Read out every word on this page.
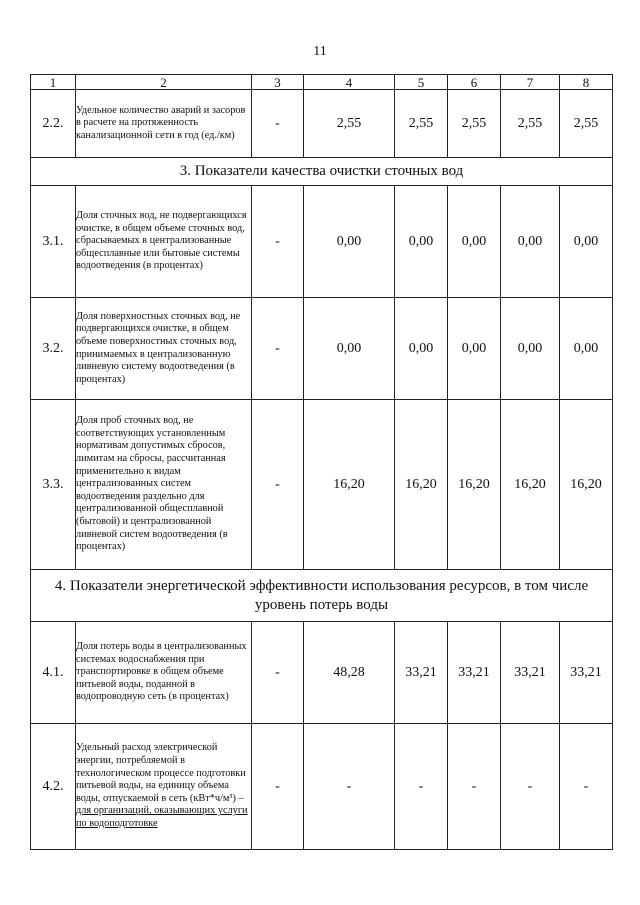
11
1	2	3	4	5	6	7	8
2.2.	Удельное количество аварий и засоров в расчете на протяженность канализационной сети в год (ед./км)	-	2,55	2,55	2,55	2,55	2,55
3. Показатели качества очистки сточных вод							
3.1.	Доля сточных вод, не подвергающихся очистке, в общем объеме сточных вод, сбрасываемых в централизованные общесплавные или бытовые системы водоотведения (в процентах)	-	0,00	0,00	0,00	0,00	0,00
3.2.	Доля поверхностных сточных вод, не подвергающихся очистке, в общем объеме поверхностных сточных вод, принимаемых в централизованную ливневую систему водоотведения (в процентах)	-	0,00	0,00	0,00	0,00	0,00
3.3.	Доля проб сточных вод, не соответствующих установленным нормативам допустимых сбросов, лимитам на сбросы, рассчитанная применительно к видам централизованных систем водоотведения раздельно для централизованной общесплавной (бытовой) и централизованной ливневой систем водоотведения (в процентах)	-	16,20	16,20	16,20	16,20	16,20
4. Показатели энергетической эффективности использования ресурсов, в том числе уровень потерь воды							
4.1.	Доля потерь воды в централизованных системах водоснабжения при транспортировке в общем объеме питьевой воды, поданной в водопроводную сеть (в процентах)	-	48,28	33,21	33,21	33,21	33,21
4.2.	Удельный расход электрической энергии, потребляемой в технологическом процессе подготовки питьевой воды, на единицу объема воды, отпускаемой в сеть (кВт*ч/м³) – для организаций, оказывающих услуги по водоподготовке	-	-	-	-	-	-
